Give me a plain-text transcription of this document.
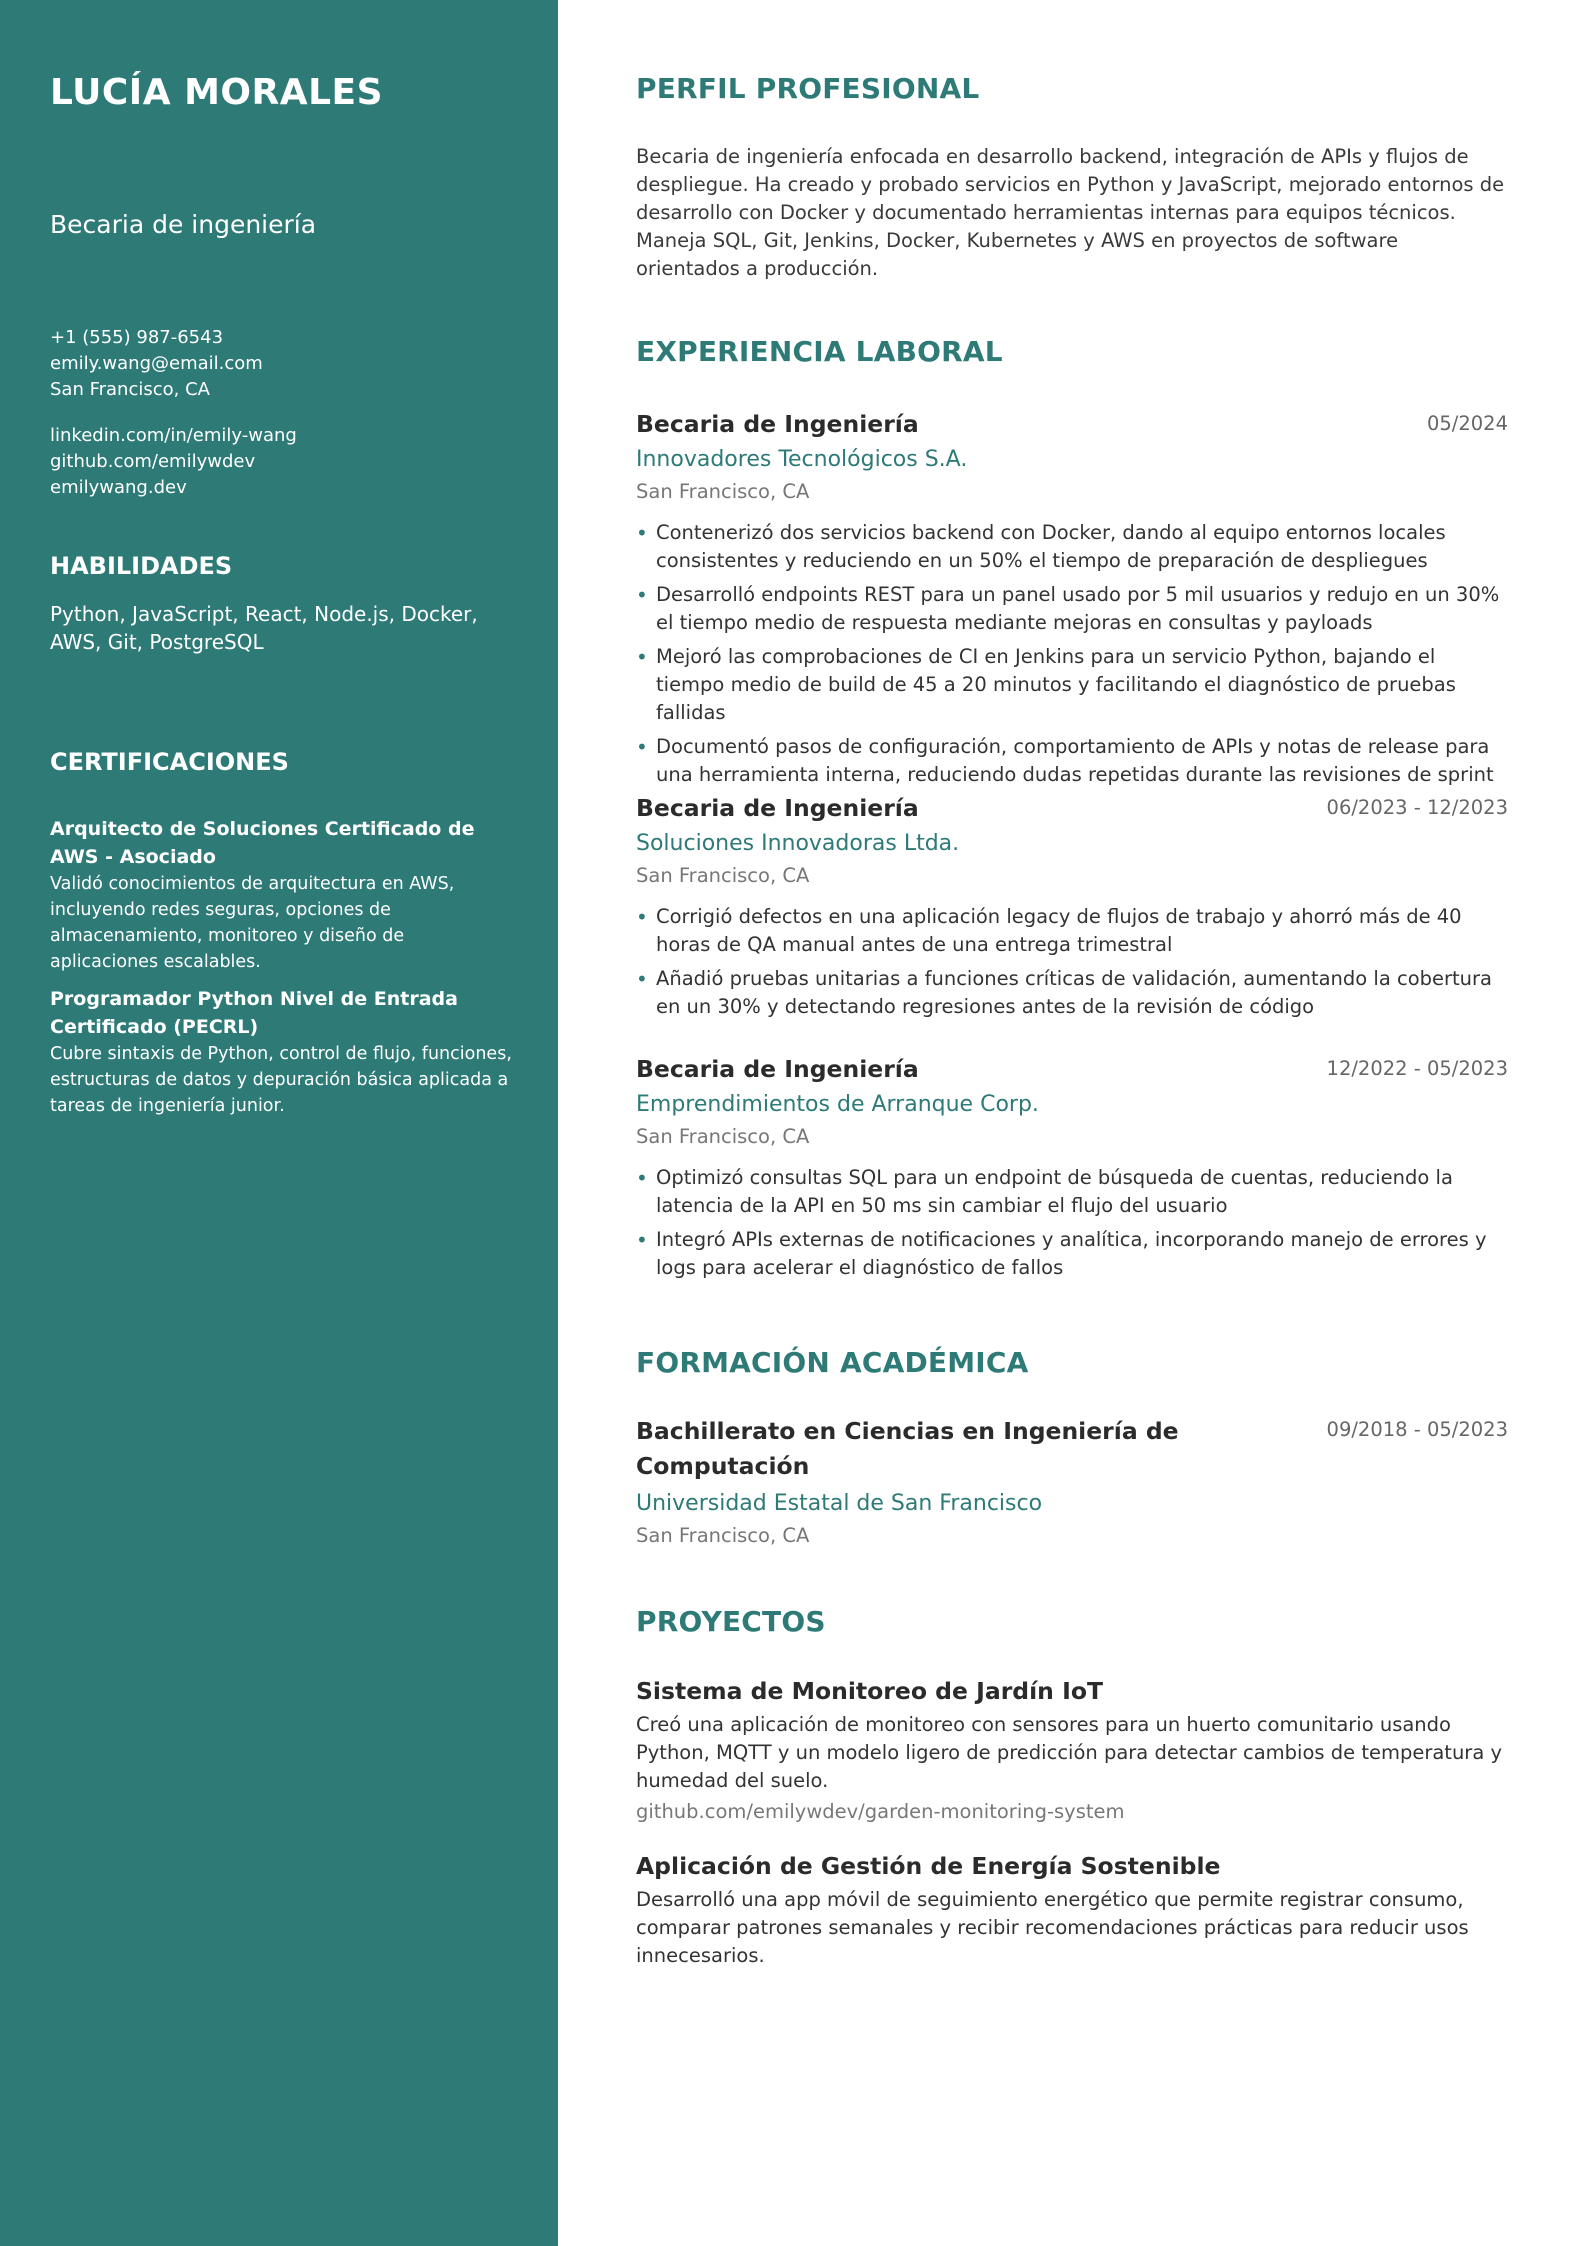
LUCÍA MORALES
Becaria de ingeniería
+1 (555) 987-6543
emily.wang@email.com
San Francisco, CA
linkedin.com/in/emily-wang
github.com/emilywdev
emilywang.dev
HABILIDADES
Python, JavaScript, React, Node.js, Docker, AWS, Git, PostgreSQL
CERTIFICACIONES
Arquitecto de Soluciones Certificado de AWS - Asociado
Validó conocimientos de arquitectura en AWS, incluyendo redes seguras, opciones de almacenamiento, monitoreo y diseño de aplicaciones escalables.
Programador Python Nivel de Entrada Certificado (PECRL)
Cubre sintaxis de Python, control de flujo, funciones, estructuras de datos y depuración básica aplicada a tareas de ingeniería junior.
PERFIL PROFESIONAL
Becaria de ingeniería enfocada en desarrollo backend, integración de APIs y flujos de despliegue. Ha creado y probado servicios en Python y JavaScript, mejorado entornos de desarrollo con Docker y documentado herramientas internas para equipos técnicos. Maneja SQL, Git, Jenkins, Docker, Kubernetes y AWS en proyectos de software orientados a producción.
EXPERIENCIA LABORAL
Becaria de Ingeniería	05/2024
Innovadores Tecnológicos S.A.
San Francisco, CA
• Contenerizó dos servicios backend con Docker, dando al equipo entornos locales consistentes y reduciendo en un 50% el tiempo de preparación de despliegues
• Desarrolló endpoints REST para un panel usado por 5 mil usuarios y redujo en un 30% el tiempo medio de respuesta mediante mejoras en consultas y payloads
• Mejoró las comprobaciones de CI en Jenkins para un servicio Python, bajando el tiempo medio de build de 45 a 20 minutos y facilitando el diagnóstico de pruebas fallidas
• Documentó pasos de configuración, comportamiento de APIs y notas de release para una herramienta interna, reduciendo dudas repetidas durante las revisiones de sprint
Becaria de Ingeniería	06/2023 - 12/2023
Soluciones Innovadoras Ltda.
San Francisco, CA
• Corrigió defectos en una aplicación legacy de flujos de trabajo y ahorró más de 40 horas de QA manual antes de una entrega trimestral
• Añadió pruebas unitarias a funciones críticas de validación, aumentando la cobertura en un 30% y detectando regresiones antes de la revisión de código
Becaria de Ingeniería	12/2022 - 05/2023
Emprendimientos de Arranque Corp.
San Francisco, CA
• Optimizó consultas SQL para un endpoint de búsqueda de cuentas, reduciendo la latencia de la API en 50 ms sin cambiar el flujo del usuario
• Integró APIs externas de notificaciones y analítica, incorporando manejo de errores y logs para acelerar el diagnóstico de fallos
FORMACIÓN ACADÉMICA
Bachillerato en Ciencias en Ingeniería de Computación
09/2018 - 05/2023
Universidad Estatal de San Francisco
San Francisco, CA
PROYECTOS
Sistema de Monitoreo de Jardín IoT
Creó una aplicación de monitoreo con sensores para un huerto comunitario usando Python, MQTT y un modelo ligero de predicción para detectar cambios de temperatura y humedad del suelo.
github.com/emilywdev/garden-monitoring-system
Aplicación de Gestión de Energía Sostenible
Desarrolló una app móvil de seguimiento energético que permite registrar consumo, comparar patrones semanales y recibir recomendaciones prácticas para reducir usos innecesarios.
